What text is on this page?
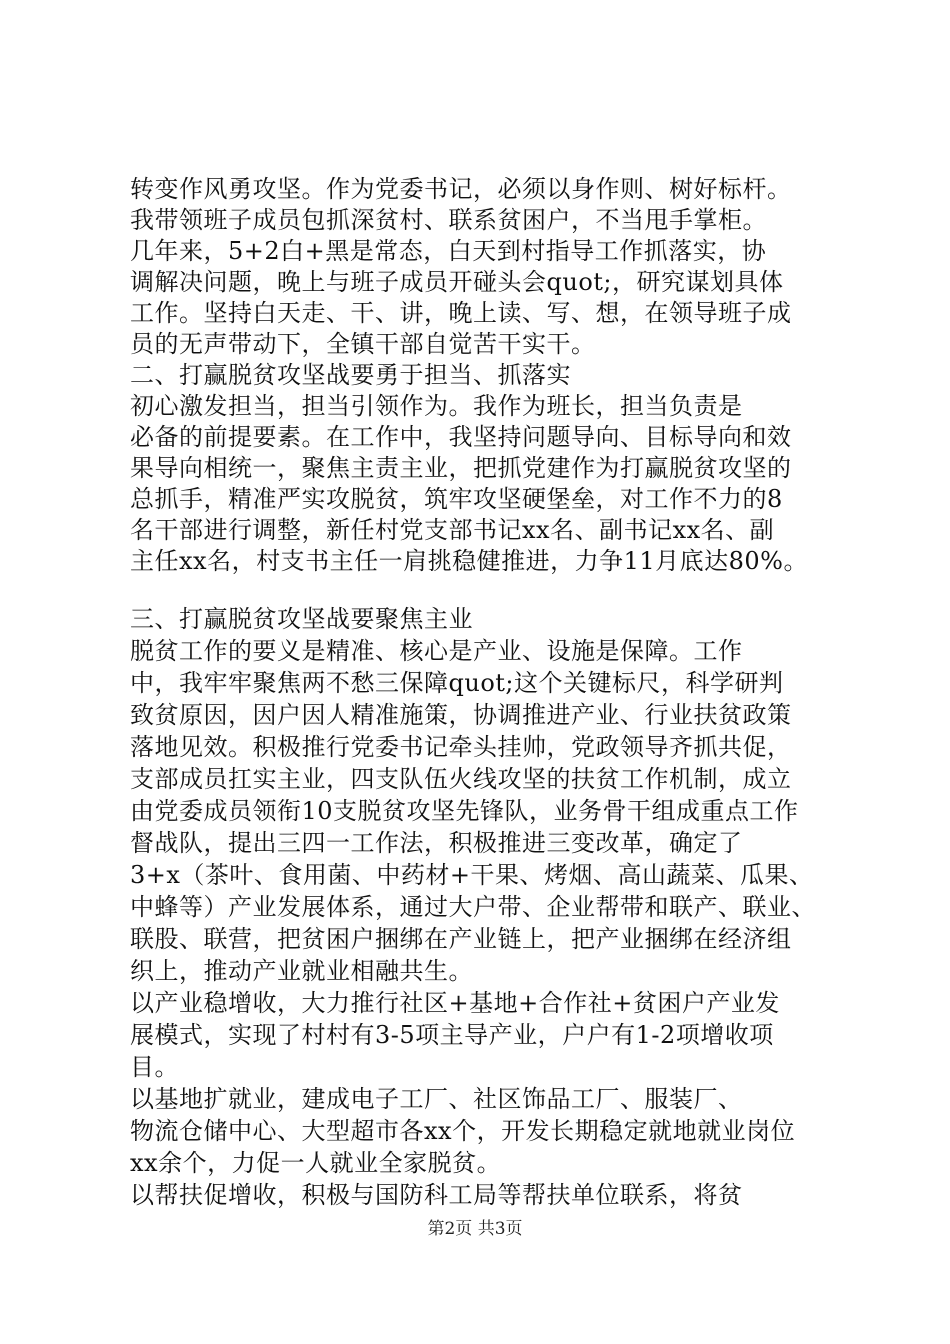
转变作风勇攻坚。作为党委书记，必须以身作则、树好标杆。
我带领班子成员包抓深贫村、联系贫困户，不当甩手掌柜。
几年来，5+2白+黑是常态，白天到村指导工作抓落实，协
调解决问题，晚上与班子成员开碰头会quot;，研究谋划具体
工作。坚持白天走、干、讲，晚上读、写、想，在领导班子成
员的无声带动下，全镇干部自觉苦干实干。
二、打赢脱贫攻坚战要勇于担当、抓落实
初心激发担当，担当引领作为。我作为班长，担当负责是
必备的前提要素。在工作中，我坚持问题导向、目标导向和效
果导向相统一，聚焦主责主业，把抓党建作为打赢脱贫攻坚的
总抓手，精准严实攻脱贫，筑牢攻坚硬堡垒，对工作不力的8
名干部进行调整，新任村党支部书记xx名、副书记xx名、副
主任xx名，村支书主任一肩挑稳健推进，力争11月底达80%。
三、打赢脱贫攻坚战要聚焦主业
脱贫工作的要义是精准、核心是产业、设施是保障。工作
中，我牢牢聚焦两不愁三保障quot;这个关键标尺，科学研判
致贫原因，因户因人精准施策，协调推进产业、行业扶贫政策
落地见效。积极推行党委书记牵头挂帅，党政领导齐抓共促，
支部成员扛实主业，四支队伍火线攻坚的扶贫工作机制，成立
由党委成员领衔10支脱贫攻坚先锋队，业务骨干组成重点工作
督战队，提出三四一工作法，积极推进三变改革，确定了
3+x（茶叶、食用菌、中药材+干果、烤烟、高山蔬菜、瓜果、
中蜂等）产业发展体系，通过大户带、企业帮带和联产、联业、
联股、联营，把贫困户捆绑在产业链上，把产业捆绑在经济组
织上，推动产业就业相融共生。
以产业稳增收，大力推行社区+基地+合作社+贫困户产业发
展模式，实现了村村有3-5项主导产业，户户有1-2项增收项
目。
以基地扩就业，建成电子工厂、社区饰品工厂、服装厂、
物流仓储中心、大型超市各xx个，开发长期稳定就地就业岗位
xx余个，力促一人就业全家脱贫。
以帮扶促增收，积极与国防科工局等帮扶单位联系，将贫
第2页 共3页
